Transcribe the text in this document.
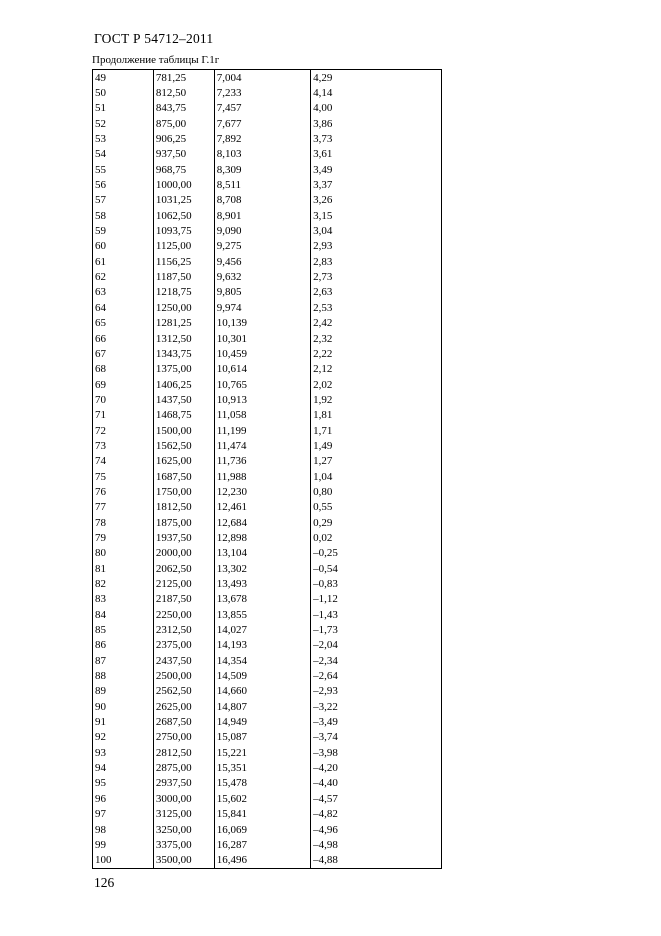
ГОСТ Р 54712–2011
Продолжение таблицы Г.1г
49	781,25	7,004	4,29
50	812,50	7,233	4,14
51	843,75	7,457	4,00
52	875,00	7,677	3,86
53	906,25	7,892	3,73
54	937,50	8,103	3,61
55	968,75	8,309	3,49
56	1000,00	8,511	3,37
57	1031,25	8,708	3,26
58	1062,50	8,901	3,15
59	1093,75	9,090	3,04
60	1125,00	9,275	2,93
61	1156,25	9,456	2,83
62	1187,50	9,632	2,73
63	1218,75	9,805	2,63
64	1250,00	9,974	2,53
65	1281,25	10,139	2,42
66	1312,50	10,301	2,32
67	1343,75	10,459	2,22
68	1375,00	10,614	2,12
69	1406,25	10,765	2,02
70	1437,50	10,913	1,92
71	1468,75	11,058	1,81
72	1500,00	11,199	1,71
73	1562,50	11,474	1,49
74	1625,00	11,736	1,27
75	1687,50	11,988	1,04
76	1750,00	12,230	0,80
77	1812,50	12,461	0,55
78	1875,00	12,684	0,29
79	1937,50	12,898	0,02
80	2000,00	13,104	–0,25
81	2062,50	13,302	–0,54
82	2125,00	13,493	–0,83
83	2187,50	13,678	–1,12
84	2250,00	13,855	–1,43
85	2312,50	14,027	–1,73
86	2375,00	14,193	–2,04
87	2437,50	14,354	–2,34
88	2500,00	14,509	–2,64
89	2562,50	14,660	–2,93
90	2625,00	14,807	–3,22
91	2687,50	14,949	–3,49
92	2750,00	15,087	–3,74
93	2812,50	15,221	–3,98
94	2875,00	15,351	–4,20
95	2937,50	15,478	–4,40
96	3000,00	15,602	–4,57
97	3125,00	15,841	–4,82
98	3250,00	16,069	–4,96
99	3375,00	16,287	–4,98
100	3500,00	16,496	–4,88
126
